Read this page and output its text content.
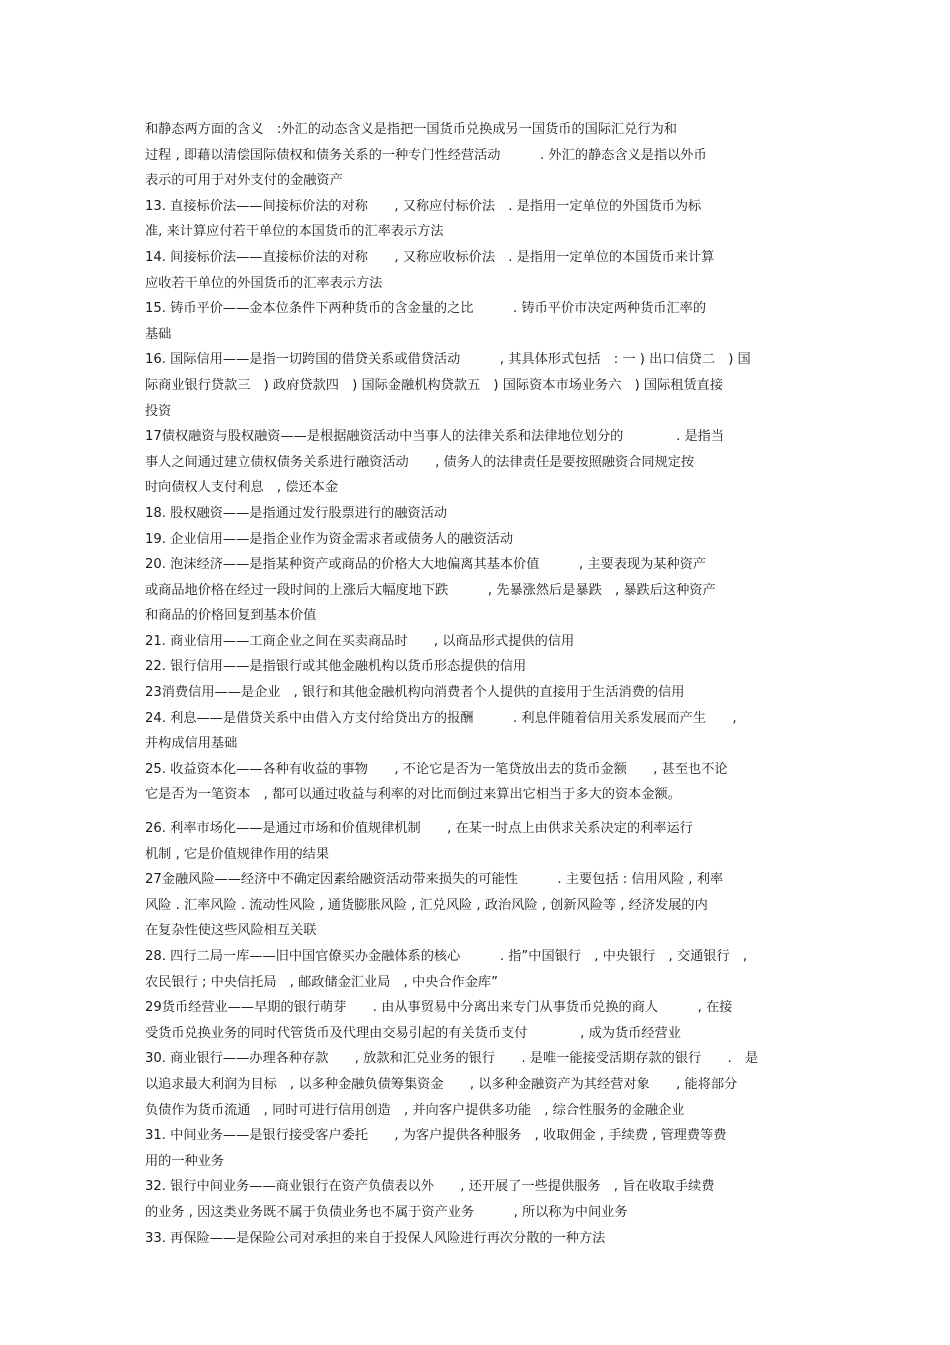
和静态两方面的含义　:外汇的动态含义是指把一国货币兑换成另一国货币的国际汇兑行为和
过程 , 即藉以清偿国际债权和债务关系的一种专门性经营活动　　　. 外汇的静态含义是指以外币
表示的可用于对外支付的金融资产
13. 直接标价法——间接标价法的对称　　, 又称应付标价法　. 是指用一定单位的外国货币为标
准, 来计算应付若干单位的本国货币的汇率表示方法
14. 间接标价法——直接标价法的对称　　, 又称应收标价法　. 是指用一定单位的本国货币来计算
应收若干单位的外国货币的汇率表示方法
15. 铸币平价——金本位条件下两种货币的含金量的之比　　　. 铸币平价市决定两种货币汇率的
基础
16. 国际信用——是指一切跨国的借贷关系或借贷活动　　　, 其具体形式包括　: 一 ) 出口信贷二　) 国
际商业银行贷款三　) 政府贷款四　) 国际金融机构贷款五　) 国际资本市场业务六　) 国际租赁直接
投资
17债权融资与股权融资——是根据融资活动中当事人的法律关系和法律地位划分的　　　　. 是指当
事人之间通过建立债权债务关系进行融资活动　　, 债务人的法律责任是要按照融资合同规定按
时向债权人支付利息　, 偿还本金
18. 股权融资——是指通过发行股票进行的融资活动
19. 企业信用——是指企业作为资金需求者或债务人的融资活动
20. 泡沫经济——是指某种资产或商品的价格大大地偏离其基本价值　　　, 主要表现为某种资产
或商品地价格在经过一段时间的上涨后大幅度地下跌　　　, 先暴涨然后是暴跌　, 暴跌后这种资产
和商品的价格回复到基本价值
21. 商业信用——工商企业之间在买卖商品时　　, 以商品形式提供的信用
22. 银行信用——是指银行或其他金融机构以货币形态提供的信用
23消费信用——是企业　, 银行和其他金融机构向消费者个人提供的直接用于生活消费的信用
24. 利息——是借贷关系中由借入方支付给贷出方的报酬　　　. 利息伴随着信用关系发展而产生　　,
并构成信用基础
25. 收益资本化——各种有收益的事物　　, 不论它是否为一笔贷放出去的货币金额　　, 甚至也不论
它是否为一笔资本　, 都可以通过收益与利率的对比而倒过来算出它相当于多大的资本金额。
26. 利率市场化——是通过市场和价值规律机制　　, 在某一时点上由供求关系决定的利率运行
机制 , 它是价值规律作用的结果
27金融风险——经济中不确定因素给融资活动带来损失的可能性　　　. 主要包括 : 信用风险 , 利率
风险 . 汇率风险 . 流动性风险 , 通货膨胀风险 , 汇兑风险 , 政治风险 , 创新风险等 , 经济发展的内
在复杂性使这些风险相互关联
28. 四行二局一库——旧中国官僚买办金融体系的核心　　　. 指”中国银行　, 中央银行　, 交通银行　,
农民银行 ; 中央信托局　, 邮政储金汇业局　, 中央合作金库”
29货币经营业——早期的银行萌芽　　. 由从事贸易中分离出来专门从事货币兑换的商人　　　, 在接
受货币兑换业务的同时代管货币及代理由交易引起的有关货币支付　　　　, 成为货币经营业
30. 商业银行——办理各种存款　　, 放款和汇兑业务的银行　　. 是唯一能接受活期存款的银行　　.　是
以追求最大利润为目标　, 以多种金融负债筹集资金　　, 以多种金融资产为其经营对象　　, 能将部分
负债作为货币流通　, 同时可进行信用创造　, 并向客户提供多功能　, 综合性服务的金融企业
31. 中间业务——是银行接受客户委托　　, 为客户提供各种服务　, 收取佣金 , 手续费 , 管理费等费
用的一种业务
32. 银行中间业务——商业银行在资产负债表以外　　, 还开展了一些提供服务　, 旨在收取手续费
的业务 , 因这类业务既不属于负债业务也不属于资产业务　　　, 所以称为中间业务
33. 再保险——是保险公司对承担的来自于投保人风险进行再次分散的一种方法
